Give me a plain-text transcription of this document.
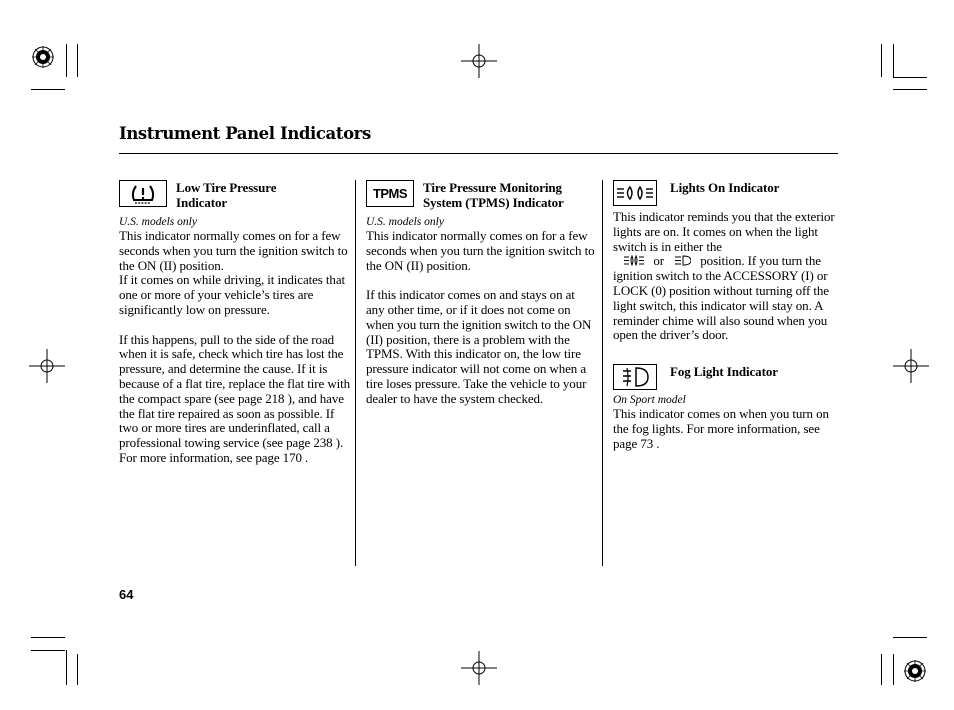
Instrument Panel Indicators
Low Tire Pressure
Indicator

U.S. models only

This indicator normally comes on for a few seconds when you turn the ignition switch to the ON (II) position.

If it comes on while driving, it indicates that one or more of your vehicle’s tires are significantly low on pressure.

If this happens, pull to the side of the road when it is safe, check which tire has lost the pressure, and determine the cause. If it is because of a flat tire, replace the flat tire with the compact spare (see page 218 ), and have the flat tire repaired as soon as possible. If two or more tires are underinflated, call a professional towing service (see page 238 ). For more information, see page 170 .

TPMS Tire Pressure Monitoring
System (TPMS) Indicator

U.S. models only

This indicator normally comes on for a few seconds when you turn the ignition switch to the ON (II) position.

If this indicator comes on and stays on at any other time, or if it does not come on when you turn the ignition switch to the ON (II) position, there is a problem with the TPMS. With this indicator on, the low tire pressure indicator will not come on when a tire loses pressure. Take the vehicle to your dealer to have the system checked.

Lights On Indicator

This indicator reminds you that the exterior lights are on. It comes on when the light switch is in either the
or	position. If you turn the ignition switch to the ACCESSORY (I) or LOCK (0) position without turning off the light switch, this indicator will stay on. A reminder chime will also sound when you open the driver’s door.

Fog Light Indicator

On Sport model

This indicator comes on when you turn on the fog lights. For more information, see page 73 .

64
